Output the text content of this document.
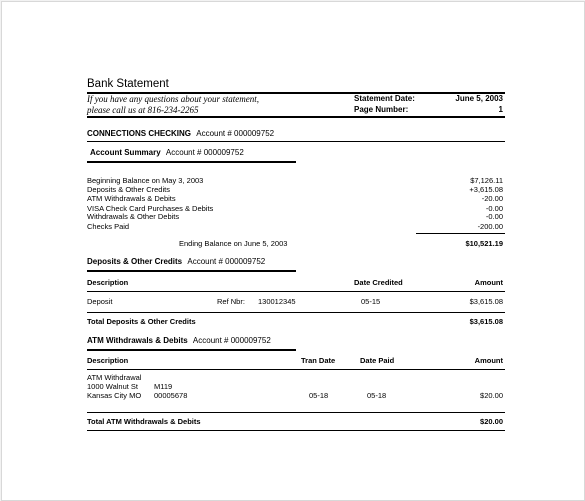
Bank Statement
If you have any questions about your statement,
please call us at 816-234-2265
Statement Date:	June 5, 2003
Page Number:	1
CONNECTIONS CHECKING Account # 000009752
Account Summary Account # 000009752
Beginning Balance on May 3, 2003	$7,126.11
Deposits & Other Credits	+3,615.08
ATM Withdrawals & Debits	-20.00
VISA Check Card Purchases & Debits	-0.00
Withdrawals & Other Debits	-0.00
Checks Paid	-200.00
Ending Balance on June 5, 2003	$10,521.19
Deposits & Other Credits Account # 000009752
Description	Date Credited	Amount
Deposit	Ref Nbr: 130012345	05-15	$3,615.08
Total Deposits & Other Credits	$3,615.08
ATM Withdrawals & Debits Account # 000009752
Description	Tran Date	Date Paid	Amount
ATM Withdrawal
1000 Walnut St M119
Kansas City MO 00005678	05-18	05-18	$20.00
Total ATM Withdrawals & Debits	$20.00
